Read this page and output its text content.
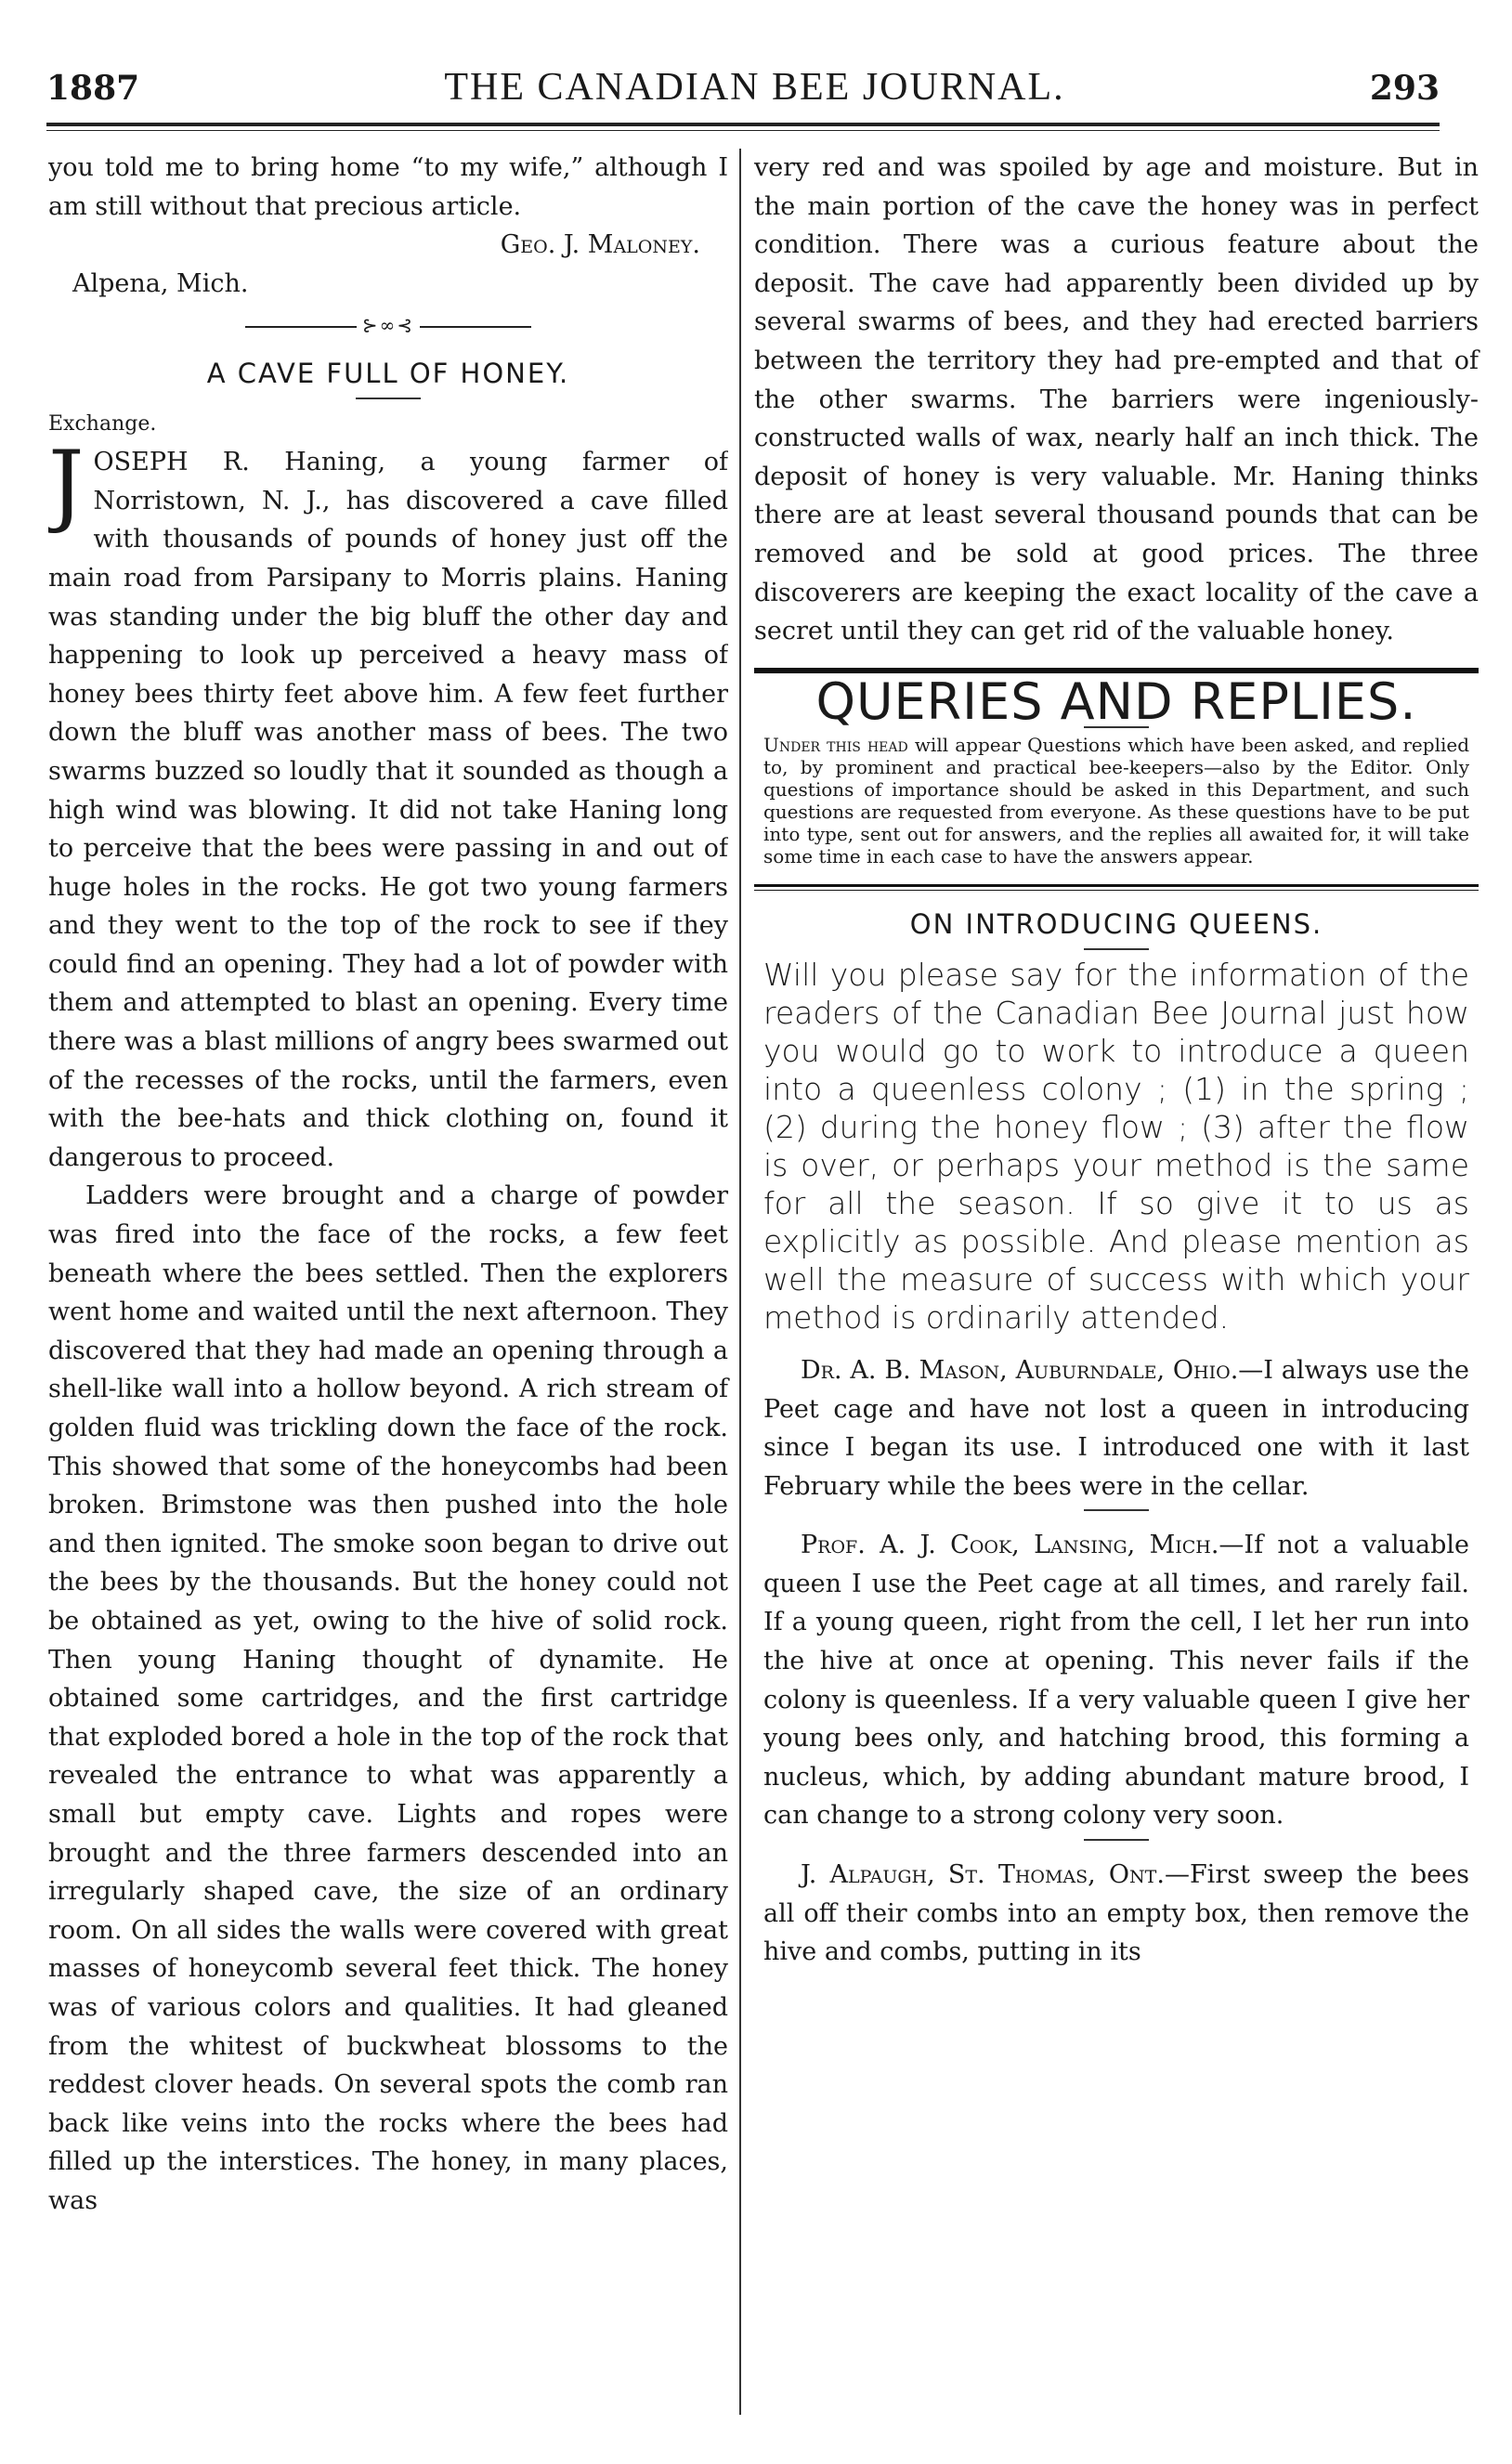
1887	THE CANADIAN BEE JOURNAL.	293

you told me to bring home “to my wife,” although I am still without that precious article.

Geo. J. Maloney.

Alpena, Mich.

⊱∞⊰
A CAVE FULL OF HONEY.

Exchange.

JOSEPH R. Haning, a young farmer of Norristown, N. J., has discovered a cave filled with thousands of pounds of honey just off the main road from Parsipany to Morris plains. Haning was standing under the big bluff the other day and happening to look up perceived a heavy mass of honey bees thirty feet above him. A few feet further down the bluff was another mass of bees. The two swarms buzzed so loudly that it sounded as though a high wind was blowing. It did not take Haning long to perceive that the bees were passing in and out of huge holes in the rocks. He got two young farmers and they went to the top of the rock to see if they could find an opening. They had a lot of powder with them and attempted to blast an opening. Every time there was a blast millions of angry bees swarmed out of the recesses of the rocks, until the farmers, even with the bee-hats and thick clothing on, found it dangerous to proceed.

Ladders were brought and a charge of powder was fired into the face of the rocks, a few feet beneath where the bees settled. Then the explorers went home and waited until the next afternoon. They discovered that they had made an opening through a shell-like wall into a hollow beyond. A rich stream of golden fluid was trickling down the face of the rock. This showed that some of the honeycombs had been broken. Brimstone was then pushed into the hole and then ignited. The smoke soon began to drive out the bees by the thousands. But the honey could not be obtained as yet, owing to the hive of solid rock. Then young Haning thought of dynamite. He obtained some cartridges, and the first cartridge that exploded bored a hole in the top of the rock that revealed the entrance to what was apparently a small but empty cave. Lights and ropes were brought and the three farmers descended into an irregularly shaped cave, the size of an ordinary room. On all sides the walls were covered with great masses of honeycomb several feet thick. The honey was of various colors and qualities. It had gleaned from the whitest of buckwheat blossoms to the reddest clover heads. On several spots the comb ran back like veins into the rocks where the bees had filled up the interstices. The honey, in many places, was

very red and was spoiled by age and moisture. But in the main portion of the cave the honey was in perfect condition. There was a curious feature about the deposit. The cave had apparently been divided up by several swarms of bees, and they had erected barriers between the territory they had pre-empted and that of the other swarms. The barriers were ingeniously-constructed walls of wax, nearly half an inch thick. The deposit of honey is very valuable. Mr. Haning thinks there are at least several thousand pounds that can be removed and be sold at good prices. The three discoverers are keeping the exact locality of the cave a secret until they can get rid of the valuable honey.

QUERIES AND REPLIES.

Under this head will appear Questions which have been asked, and replied to, by prominent and practical bee-keepers—also by the Editor. Only questions of importance should be asked in this Department, and such questions are requested from everyone. As these questions have to be put into type, sent out for answers, and the replies all awaited for, it will take some time in each case to have the answers appear.

ON INTRODUCING QUEENS.

Will you please say for the information of the readers of the Canadian Bee Journal just how you would go to work to introduce a queen into a queenless colony ; (1) in the spring ; (2) during the honey flow ; (3) after the flow is over, or perhaps your method is the same for all the season. If so give it to us as explicitly as possible. And please mention as well the measure of success with which your method is ordinarily attended.

Dr. A. B. Mason, Auburndale, Ohio.—I always use the Peet cage and have not lost a queen in introducing since I began its use. I introduced one with it last February while the bees were in the cellar.

Prof. A. J. Cook, Lansing, Mich.—If not a valuable queen I use the Peet cage at all times, and rarely fail. If a young queen, right from the cell, I let her run into the hive at once at opening. This never fails if the colony is queenless. If a very valuable queen I give her young bees only, and hatching brood, this forming a nucleus, which, by adding abundant mature brood, I can change to a strong colony very soon.

J. Alpaugh, St. Thomas, Ont.—First sweep the bees all off their combs into an empty box, then remove the hive and combs, putting in its
